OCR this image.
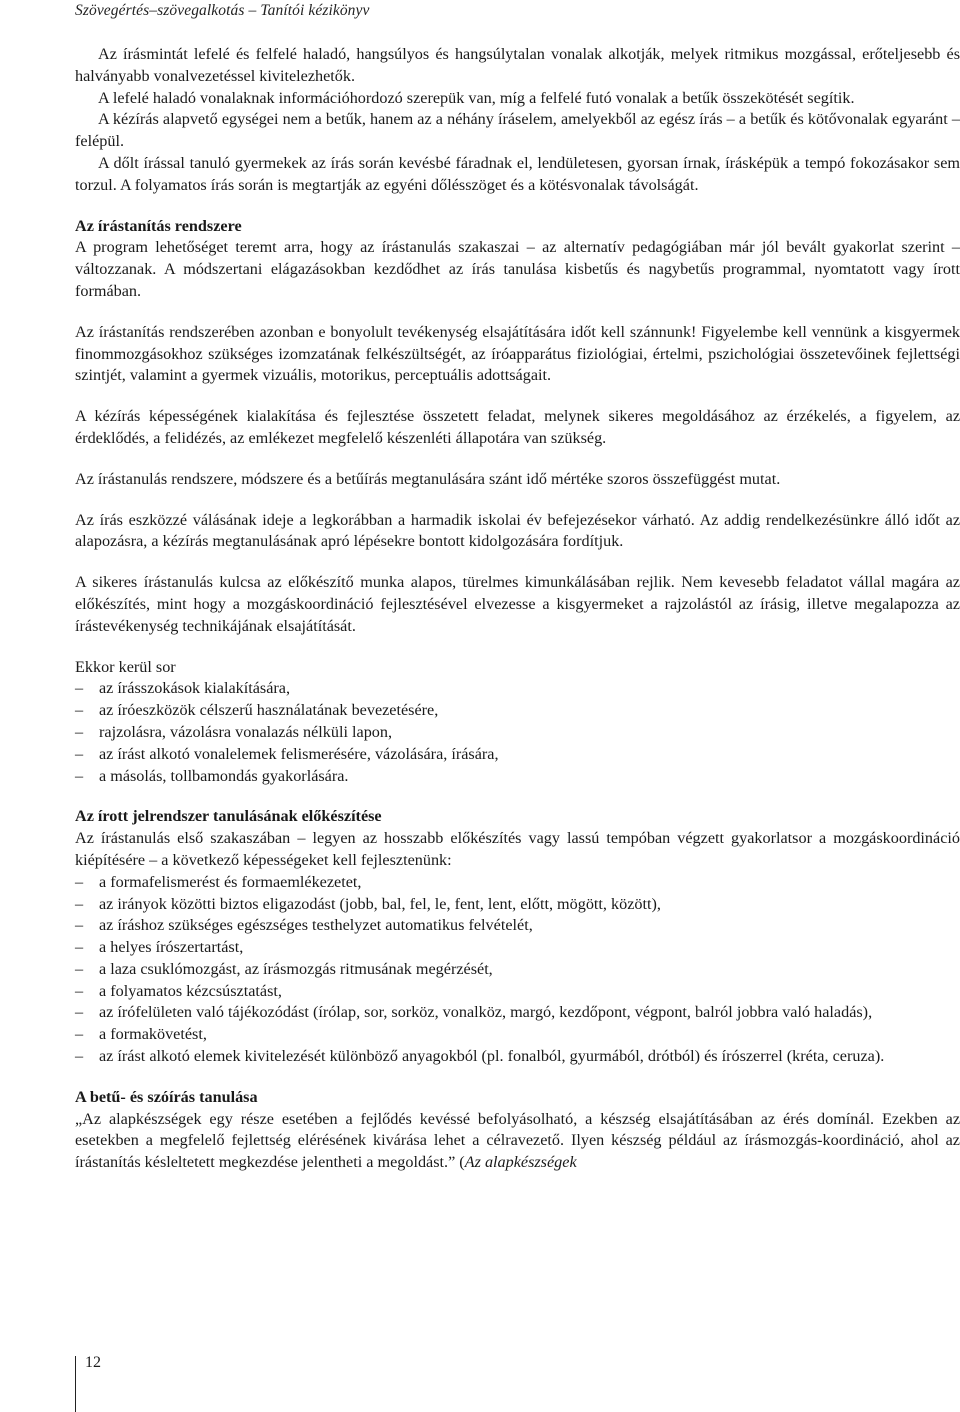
Szövegértés–szövegalkotás – Tanítói kézikönyv

Az írásmintát lefelé és felfelé haladó, hangsúlyos és hangsúlytalan vonalak alkotják, melyek ritmikus mozgással, erőteljesebb és halványabb vonalvezetéssel kivitelezhetők.

A lefelé haladó vonalaknak információhordozó szerepük van, míg a felfelé futó vonalak a betűk összekötését segítik.

A kézírás alapvető egységei nem a betűk, hanem az a néhány íráselem, amelyekből az egész írás – a betűk és kötővonalak egyaránt – felépül.

A dőlt írással tanuló gyermekek az írás során kevésbé fáradnak el, lendületesen, gyorsan írnak, írásképük a tempó fokozásakor sem torzul. A folyamatos írás során is megtartják az egyéni dőlésszöget és a kötésvonalak távolságát.

Az írástanítás rendszere

A program lehetőséget teremt arra, hogy az írástanulás szakaszai – az alternatív pedagógiában már jól bevált gyakorlat szerint – változzanak. A módszertani elágazásokban kezdődhet az írás tanulása kisbetűs és nagybetűs programmal, nyomtatott vagy írott formában.

Az írástanítás rendszerében azonban e bonyolult tevékenység elsajátítására időt kell szánnunk! Figyelembe kell vennünk a kisgyermek finommozgásokhoz szükséges izomzatának felkészültségét, az íróapparátus fiziológiai, értelmi, pszichológiai összetevőinek fejlettségi szintjét, valamint a gyermek vizuális, motorikus, perceptuális adottságait.

A kézírás képességének kialakítása és fejlesztése összetett feladat, melynek sikeres megoldásához az érzékelés, a figyelem, az érdeklődés, a felidézés, az emlékezet megfelelő készenléti állapotára van szükség.

Az írástanulás rendszere, módszere és a betűírás megtanulására szánt idő mértéke szoros összefüggést mutat.

Az írás eszközzé válásának ideje a legkorábban a harmadik iskolai év befejezésekor várható. Az addig rendelkezésünkre álló időt az alapozásra, a kézírás megtanulásának apró lépésekre bontott kidolgozására fordítjuk.

A sikeres írástanulás kulcsa az előkészítő munka alapos, türelmes kimunkálásában rejlik. Nem kevesebb feladatot vállal magára az előkészítés, mint hogy a mozgáskoordináció fejlesztésével elvezesse a kisgyermeket a rajzolástól az írásig, illetve megalapozza az írástevékenység technikájának elsajátítását.

Ekkor kerül sor

– az írásszokások kialakítására,
– az íróeszközök célszerű használatának bevezetésére,
– rajzolásra, vázolásra vonalazás nélküli lapon,
– az írást alkotó vonalelemek felismerésére, vázolására, írására,
– a másolás, tollbamondás gyakorlására.

Az írott jelrendszer tanulásának előkészítése

Az írástanulás első szakaszában – legyen az hosszabb előkészítés vagy lassú tempóban végzett gyakorlatsor a mozgáskoordináció kiépítésére – a következő képességeket kell fejlesztenünk:

– a formafelismerést és formaemlékezetet,
– az irányok közötti biztos eligazodást (jobb, bal, fel, le, fent, lent, előtt, mögött, között),
– az íráshoz szükséges egészséges testhelyzet automatikus felvételét,
– a helyes írószertartást,
– a laza csuklómozgást, az írásmozgás ritmusának megérzését,
– a folyamatos kézcsúsztatást,
– az írófelületen való tájékozódást (írólap, sor, sorköz, vonalköz, margó, kezdőpont, végpont, balról jobbra való haladás),
– a formakövetést,
– az írást alkotó elemek kivitelezését különböző anyagokból (pl. fonalból, gyurmából, drótból) és írószerrel (kréta, ceruza).

A betű- és szóírás tanulása

„Az alapkészségek egy része esetében a fejlődés kevéssé befolyásolható, a készség elsajátításában az érés domínál. Ezekben az esetekben a megfelelő fejlettség elérésének kivárása lehet a célravezető. Ilyen készség például az írásmozgás-koordináció, ahol az írástanítás késleltetett megkezdése jelentheti a megoldást.” (Az alapkészségek

12
